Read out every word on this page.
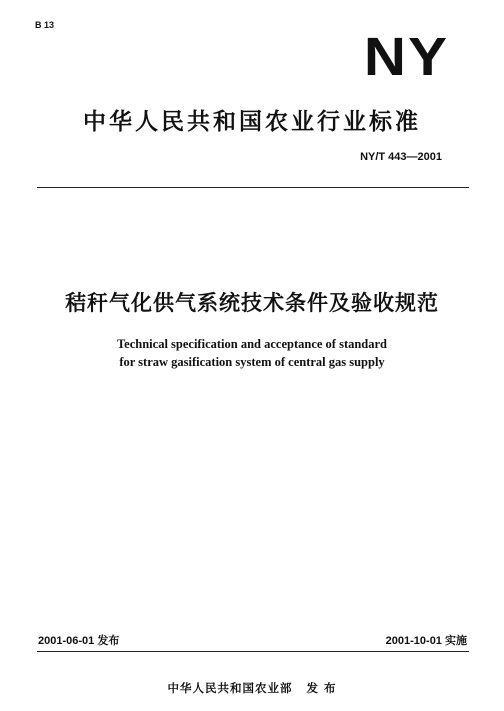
B 13
NY
中华人民共和国农业行业标准
NY/T 443—2001
秸秆气化供气系统技术条件及验收规范
Technical specification and acceptance of standard
for straw gasification system of central gas supply
2001-06-01 发布	2001-10-01 实施
中华人民共和国农业部 发 布
